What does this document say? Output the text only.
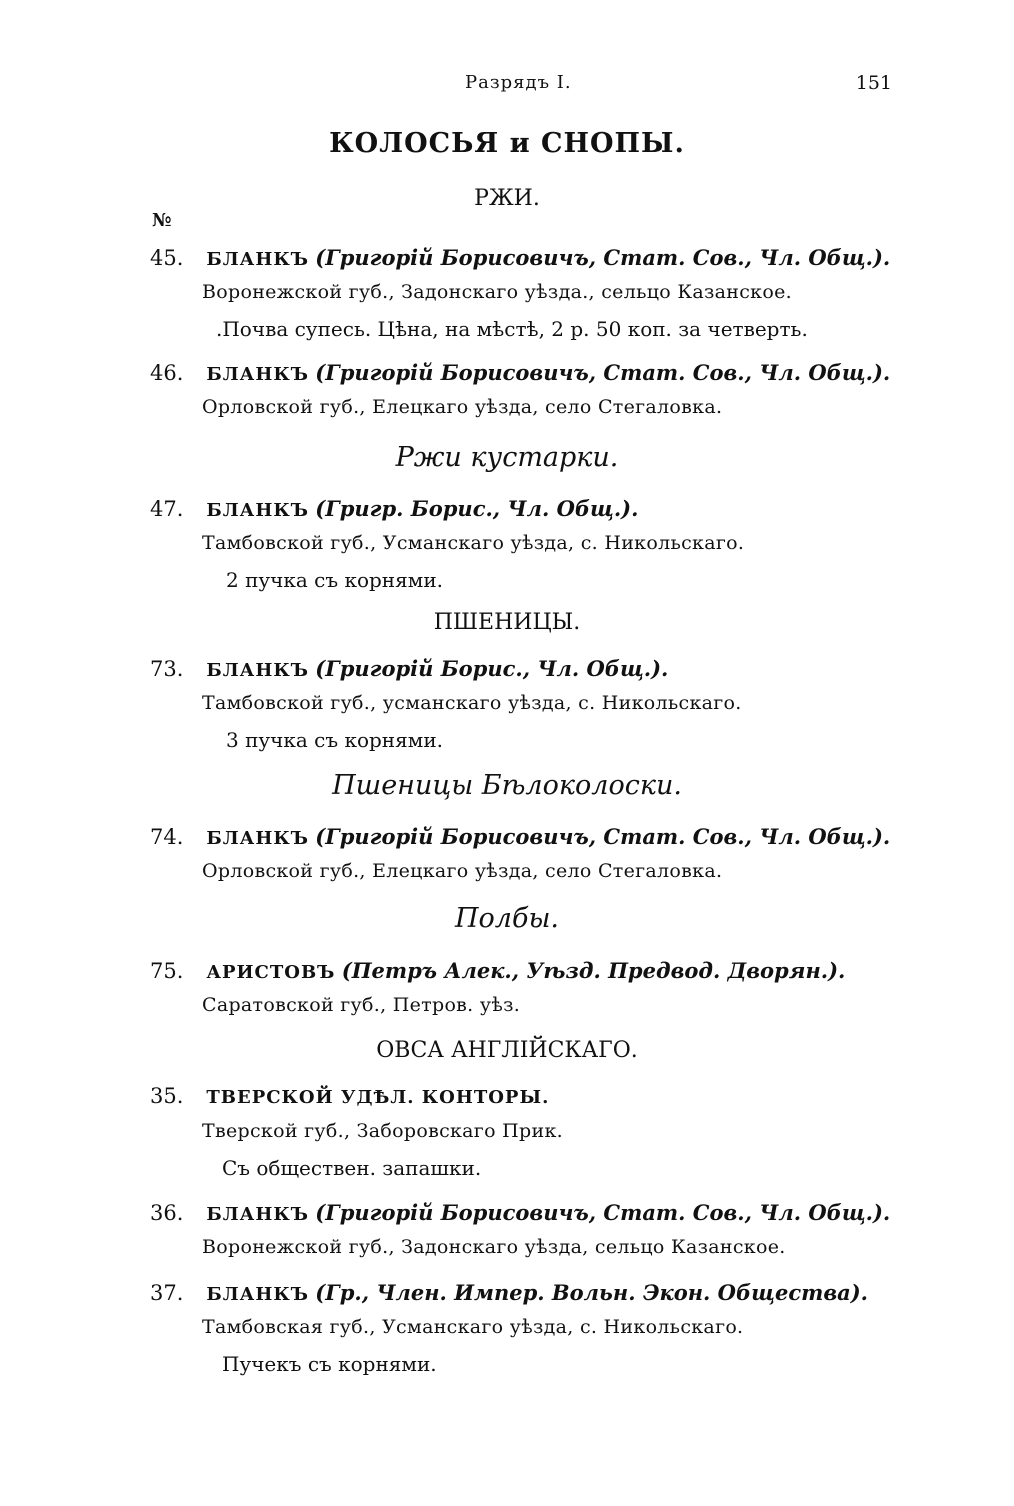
Разрядъ I.	151
КОЛОСЬЯ и СНОПЫ.
РЖИ.
№
45. БЛАНКЪ (Григорій Борисовичъ, Стат. Сов., Чл. Общ.).
Воронежской губ., Задонскаго уѣзда., сельцо Казанское.
.Почва супесь. Цѣна, на мѣстѣ, 2 р. 50 коп. за четверть.
46. БЛАНКЪ (Григорій Борисовичъ, Стат. Сов., Чл. Общ.).
Орловской губ., Елецкаго уѣзда, село Стегаловка.
Ржи кустарки.
47. БЛАНКЪ (Григр. Борис., Чл. Общ.).
Тамбовской губ., Усманскаго уѣзда, с. Никольскаго.
2 пучка съ корнями.
ПШЕНИЦЫ.
73. БЛАНКЪ (Григорій Борис., Чл. Общ.).
Тамбовской губ., усманскаго уѣзда, с. Никольскаго.
3 пучка съ корнями.
Пшеницы Бѣлоколоски.
74. БЛАНКЪ (Григорій Борисовичъ, Стат. Сов., Чл. Общ.).
Орловской губ., Елецкаго уѣзда, село Стегаловка.
Полбы.
75. АРИСТОВЪ (Петръ Алек., Уѣзд. Предвод. Дворян.).
Саратовской губ., Петров. уѣз.
ОВСА АНГЛІЙСКАГО.
35. ТВЕРСКОЙ УДѢЛ. КОНТОРЫ.
Тверской губ., Заборовскаго Прик.
Съ обществен. запашки.
36. БЛАНКЪ (Григорій Борисовичъ, Стат. Сов., Чл. Общ.).
Воронежской губ., Задонскаго уѣзда, сельцо Казанское.
37. БЛАНКЪ (Гр., Член. Импер. Вольн. Экон. Общества).
Тамбовская губ., Усманскаго уѣзда, с. Никольскаго.
Пучекъ съ корнями.
